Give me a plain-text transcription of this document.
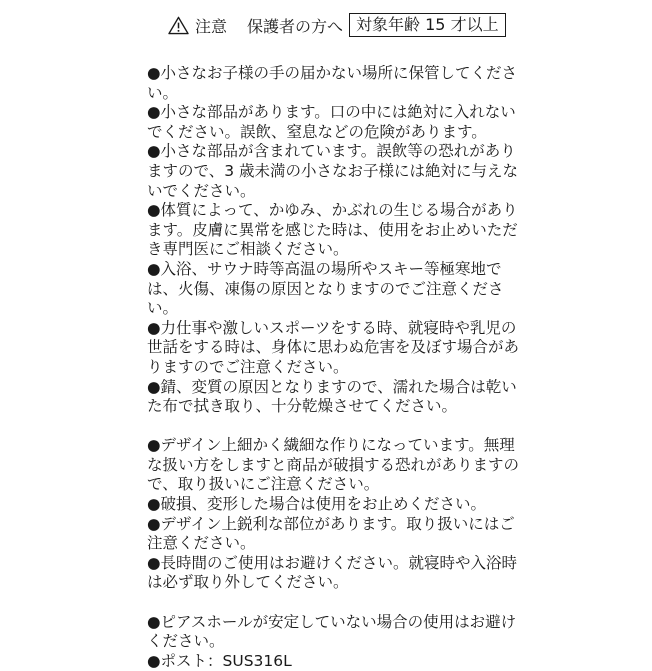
注意 保護者の方へ 対象年齢 15 才以上

●小さなお子様の手の届かない場所に保管してください。

●小さな部品があります。口の中には絶対に入れないでください。誤飲、窒息などの危険があります。

●小さな部品が含まれています。誤飲等の恐れがありますので、3 歳未満の小さなお子様には絶対に与えないでください。

●体質によって、かゆみ、かぶれの生じる場合があります。皮膚に異常を感じた時は、使用をお止めいただき専門医にご相談ください。

●入浴、サウナ時等高温の場所やスキー等極寒地では、火傷、凍傷の原因となりますのでご注意ください。

●力仕事や激しいスポーツをする時、就寝時や乳児の世話をする時は、身体に思わぬ危害を及ぼす場合がありますのでご注意ください。

●錆、変質の原因となりますので、濡れた場合は乾いた布で拭き取り、十分乾燥させてください。

●デザイン上細かく繊細な作りになっています。無理な扱い方をしますと商品が破損する恐れがありますので、取り扱いにご注意ください。

●破損、変形した場合は使用をお止めください。

●デザイン上鋭利な部位があります。取り扱いにはご注意ください。

●長時間のご使用はお避けください。就寝時や入浴時は必ず取り外してください。

●ピアスホールが安定していない場合の使用はお避けください。

●ポスト：SUS316L
